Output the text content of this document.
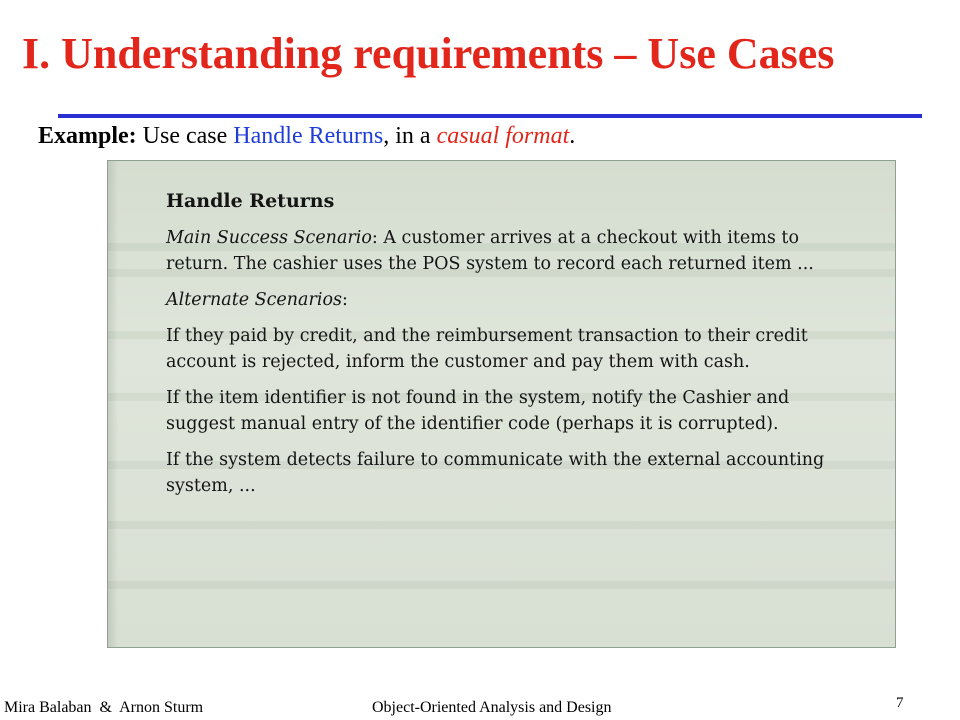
I. Understanding requirements – Use Cases

Example: Use case Handle Returns, in a casual format.

Handle Returns

Main Success Scenario: A customer arrives at a checkout with items to return. The cashier uses the POS system to record each returned item ...

Alternate Scenarios:

If they paid by credit, and the reimbursement transaction to their credit account is rejected, inform the customer and pay them with cash.

If the item identifier is not found in the system, notify the Cashier and suggest manual entry of the identifier code (perhaps it is corrupted).

If the system detects failure to communicate with the external accounting system, ...

Mira Balaban  &  Arnon Sturm	Object-Oriented Analysis and Design	7
